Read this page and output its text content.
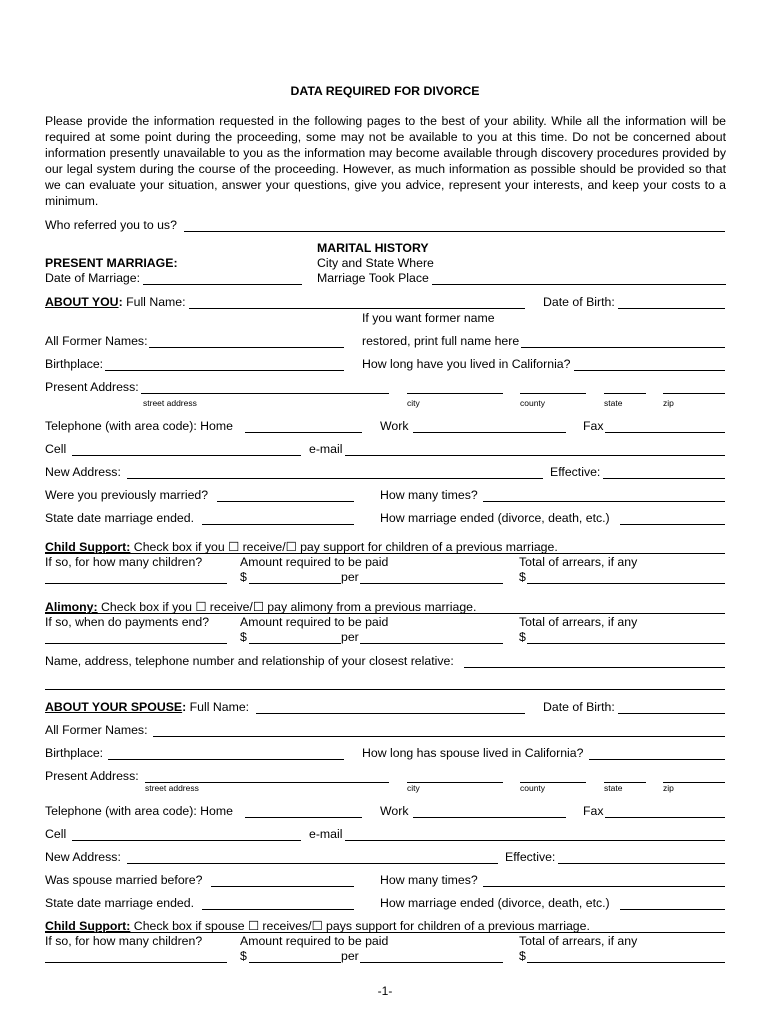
DATA REQUIRED FOR DIVORCE
Please provide the information requested in the following pages to the best of your ability. While all the information will be required at some point during the proceeding, some may not be available to you at this time. Do not be concerned about information presently unavailable to you as the information may become available through discovery procedures provided by our legal system during the course of the proceeding. However, as much information as possible should be provided so that we can evaluate your situation, answer your questions, give you advice, represent your interests, and keep your costs to a minimum.
Who referred you to us?
MARITAL HISTORY
PRESENT MARRIAGE:	City and State Where
Date of Marriage:	Marriage Took Place
ABOUT YOU: Full Name:	Date of Birth:
If you want former name
All Former Names:	restored, print full name here
Birthplace:	How long have you lived in California?
Present Address:
street address	city	county	state	zip
Telephone (with area code): Home	Work	Fax
Cell	e-mail
New Address:	Effective:
Were you previously married?	How many times?
State date marriage ended.	How marriage ended (divorce, death, etc.)
Child Support: Check box if you ☐ receive/☐ pay support for children of a previous marriage.
If so, for how many children?	Amount required to be paid	Total of arrears, if any
$	per	$
Alimony: Check box if you ☐ receive/☐ pay alimony from a previous marriage.
If so, when do payments end?	Amount required to be paid	Total of arrears, if any
$	per	$
Name, address, telephone number and relationship of your closest relative:
ABOUT YOUR SPOUSE: Full Name:	Date of Birth:
All Former Names:
Birthplace:	How long has spouse lived in California?
Present Address:
street address	city	county	state	zip
Telephone (with area code): Home	Work	Fax
Cell	e-mail
New Address:	Effective:
Was spouse married before?	How many times?
State date marriage ended.	How marriage ended (divorce, death, etc.)
Child Support: Check box if spouse ☐ receives/☐ pays support for children of a previous marriage.
If so, for how many children?	Amount required to be paid	Total of arrears, if any
$	per	$
-1-
